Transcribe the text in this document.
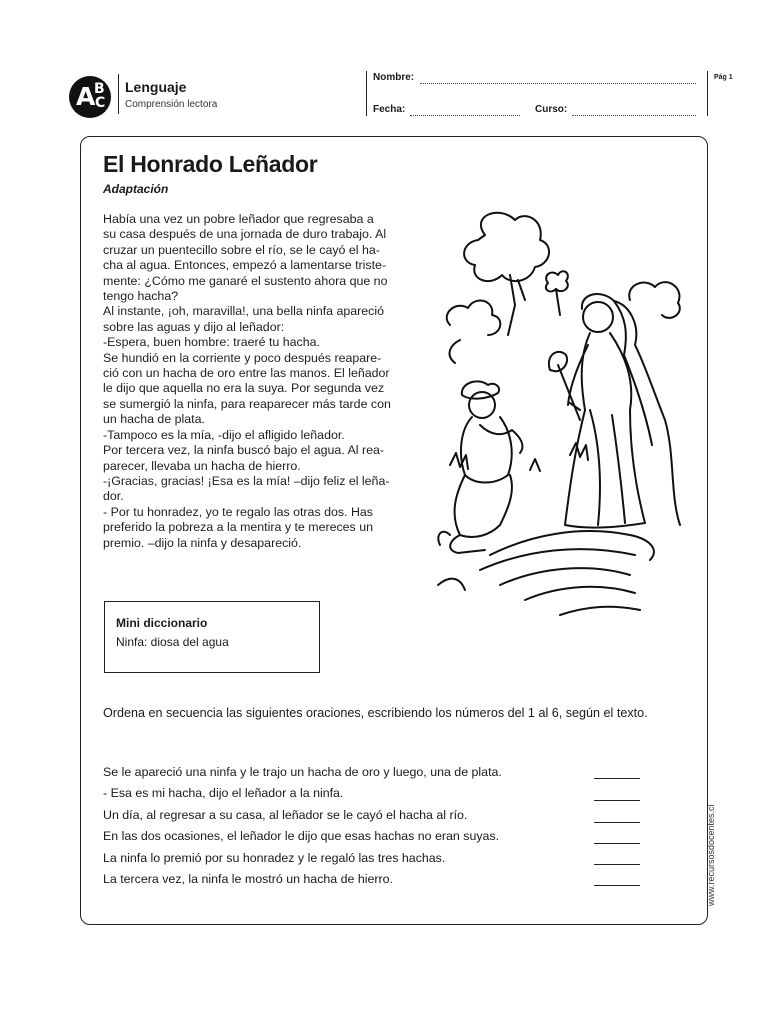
A
B
C
Lenguaje
Comprensión lectora
Nombre:
Fecha:	Curso:
Pág 1
El Honrado Leñador
Adaptación
Había una vez un pobre leñador que regresaba a
su casa después de una jornada de duro trabajo. Al
cruzar un puentecillo sobre el río, se le cayó el ha-
cha al agua. Entonces, empezó a lamentarse triste-
mente: ¿Cómo me ganaré el sustento ahora que no
tengo hacha?
Al instante, ¡oh, maravilla!, una bella ninfa apareció
sobre las aguas y dijo al leñador:
-Espera, buen hombre: traeré tu hacha.
Se hundió en la corriente y poco después reapare-
ció con un hacha de oro entre las manos. El leñador
le dijo que aquella no era la suya. Por segunda vez
se sumergió la ninfa, para reaparecer más tarde con
un hacha de plata.
-Tampoco es la mía, -dijo el afligido leñador.
Por tercera vez, la ninfa buscó bajo el agua. Al rea-
parecer, llevaba un hacha de hierro.
-¡Gracias, gracias! ¡Esa es la mía! –dijo feliz el leña-
dor.
- Por tu honradez, yo te regalo las otras dos. Has
preferido la pobreza a la mentira y te mereces un
premio. –dijo la ninfa y desapareció.
Mini diccionario
Ninfa: diosa del agua
Ordena en secuencia las siguientes oraciones, escribiendo los números del 1 al 6, según el texto.
Se le apareció una ninfa y le trajo un hacha de oro y luego, una de plata.
- Esa es mi hacha, dijo el leñador a la ninfa.
Un día, al regresar a su casa, al leñador se le cayó el hacha al río.
En las dos ocasiones, el leñador le dijo que esas hachas no eran suyas.
La ninfa lo premió por su honradez y le regaló las tres hachas.
La tercera vez, la ninfa le mostró un hacha de hierro.	www.recursosdocentes.cl
